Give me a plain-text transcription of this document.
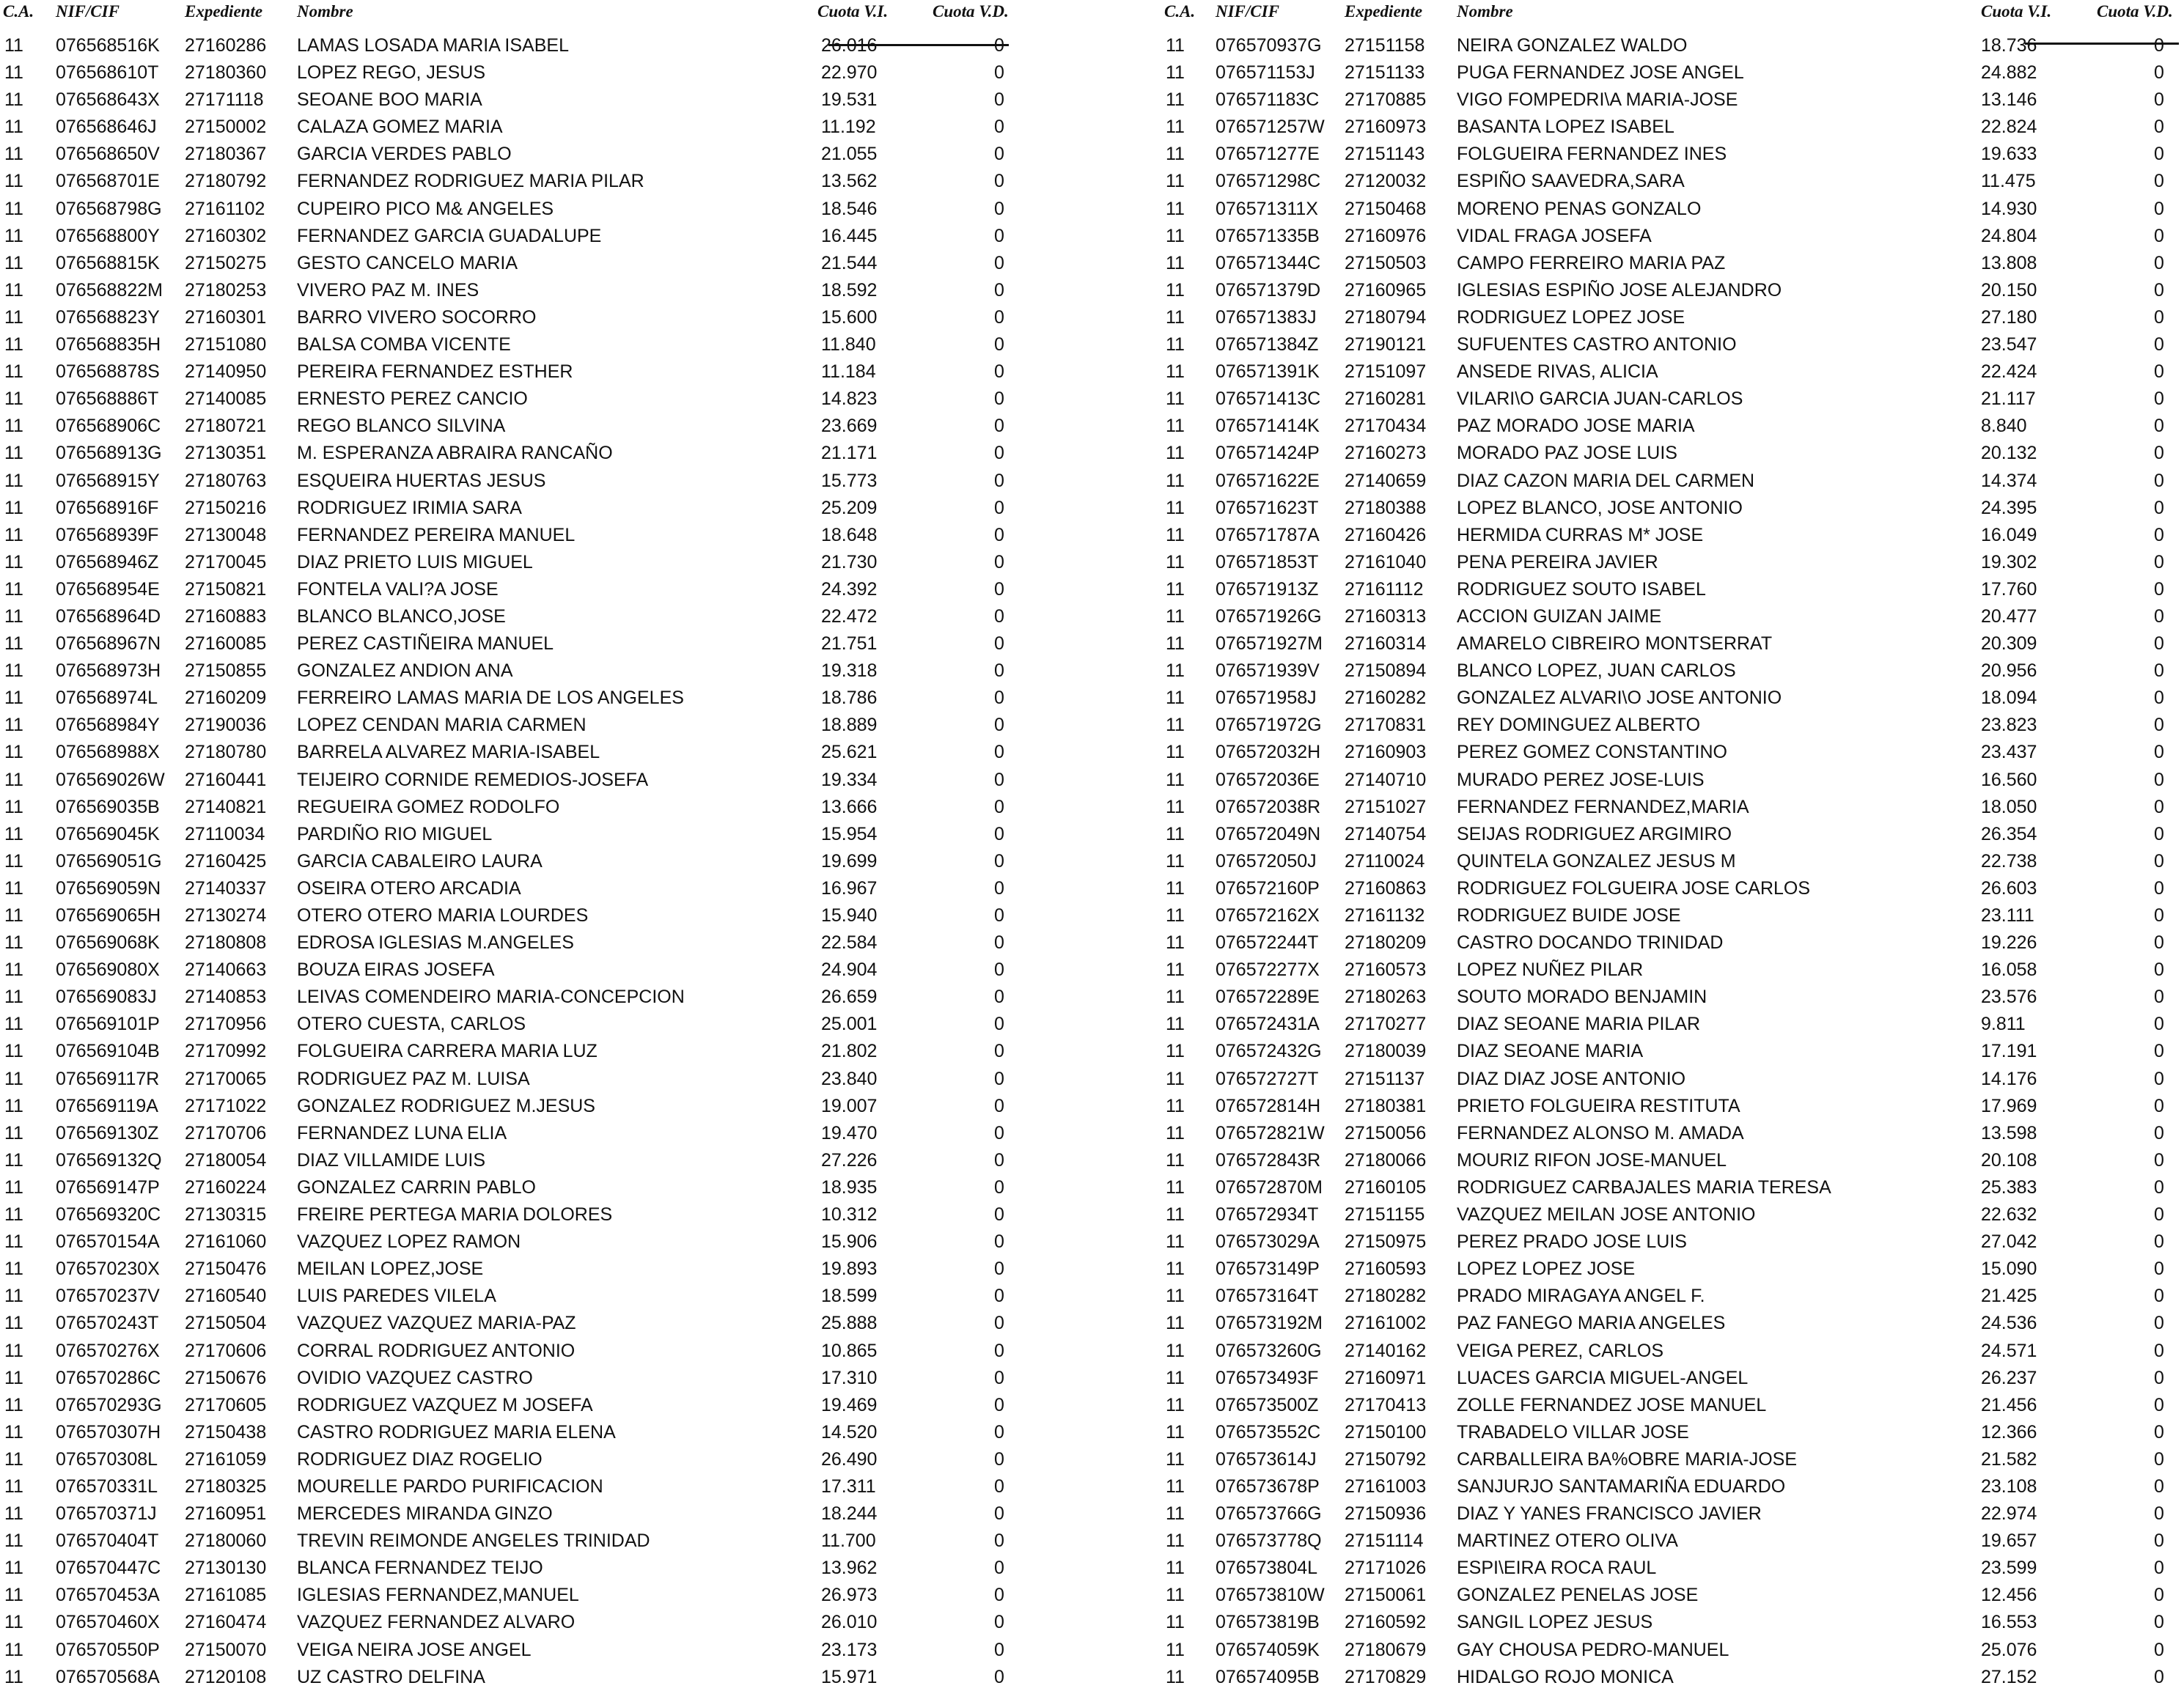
C.A. NIF/CIF	Expediente Nombre	Cuota V.I.	Cuota V.D.
11 076568516K 27160286 LAMAS LOSADA MARIA ISABEL	26.016	0
11 076568610T 27180360 LOPEZ REGO, JESUS	22.970	0
11 076568643X 27171118 SEOANE BOO MARIA	19.531	0
11 076568646J 27150002 CALAZA GOMEZ MARIA	11.192	0
11 076568650V 27180367 GARCIA VERDES PABLO	21.055	0
11 076568701E 27180792 FERNANDEZ RODRIGUEZ MARIA PILAR	13.562	0
11 076568798G 27161102 CUPEIRO PICO M& ANGELES	18.546	0
11 076568800Y 27160302 FERNANDEZ GARCIA GUADALUPE	16.445	0
11 076568815K 27150275 GESTO CANCELO MARIA	21.544	0
11 076568822M 27180253 VIVERO PAZ M. INES	18.592	0
11 076568823Y 27160301 BARRO VIVERO SOCORRO	15.600	0
11 076568835H 27151080 BALSA COMBA VICENTE	11.840	0
11 076568878S 27140950 PEREIRA FERNANDEZ ESTHER	11.184	0
11 076568886T 27140085 ERNESTO PEREZ CANCIO	14.823	0
11 076568906C 27180721 REGO BLANCO SILVINA	23.669	0
11 076568913G 27130351 M. ESPERANZA ABRAIRA RANCAÑO	21.171	0
11 076568915Y 27180763 ESQUEIRA HUERTAS JESUS	15.773	0
11 076568916F 27150216 RODRIGUEZ IRIMIA SARA	25.209	0
11 076568939F 27130048 FERNANDEZ PEREIRA MANUEL	18.648	0
11 076568946Z 27170045 DIAZ PRIETO LUIS MIGUEL	21.730	0
11 076568954E 27150821 FONTELA VALI?A JOSE	24.392	0
11 076568964D 27160883 BLANCO BLANCO,JOSE	22.472	0
11 076568967N 27160085 PEREZ CASTIÑEIRA MANUEL	21.751	0
11 076568973H 27150855 GONZALEZ ANDION ANA	19.318	0
11 076568974L 27160209 FERREIRO LAMAS MARIA DE LOS ANGELES	18.786	0
11 076568984Y 27190036 LOPEZ CENDAN MARIA CARMEN	18.889	0
11 076568988X 27180780 BARRELA ALVAREZ MARIA-ISABEL	25.621	0
11 076569026W 27160441 TEIJEIRO CORNIDE REMEDIOS-JOSEFA	19.334	0
11 076569035B 27140821 REGUEIRA GOMEZ RODOLFO	13.666	0
11 076569045K 27110034 PARDIÑO RIO MIGUEL	15.954	0
11 076569051G 27160425 GARCIA CABALEIRO LAURA	19.699	0
11 076569059N 27140337 OSEIRA OTERO ARCADIA	16.967	0
11 076569065H 27130274 OTERO OTERO MARIA LOURDES	15.940	0
11 076569068K 27180808 EDROSA IGLESIAS M.ANGELES	22.584	0
11 076569080X 27140663 BOUZA EIRAS JOSEFA	24.904	0
11 076569083J 27140853 LEIVAS COMENDEIRO MARIA-CONCEPCION	26.659	0
11 076569101P 27170956 OTERO CUESTA, CARLOS	25.001	0
11 076569104B 27170992 FOLGUEIRA CARRERA MARIA LUZ	21.802	0
11 076569117R 27170065 RODRIGUEZ PAZ M. LUISA	23.840	0
11 076569119A 27171022 GONZALEZ RODRIGUEZ M.JESUS	19.007	0
11 076569130Z 27170706 FERNANDEZ LUNA ELIA	19.470	0
11 076569132Q 27180054 DIAZ VILLAMIDE LUIS	27.226	0
11 076569147P 27160224 GONZALEZ CARRIN PABLO	18.935	0
11 076569320C 27130315 FREIRE PERTEGA MARIA DOLORES	10.312	0
11 076570154A 27161060 VAZQUEZ LOPEZ RAMON	15.906	0
11 076570230X 27150476 MEILAN LOPEZ,JOSE	19.893	0
11 076570237V 27160540 LUIS PAREDES VILELA	18.599	0
11 076570243T 27150504 VAZQUEZ VAZQUEZ MARIA-PAZ	25.888	0
11 076570276X 27170606 CORRAL RODRIGUEZ ANTONIO	10.865	0
11 076570286C 27150676 OVIDIO VAZQUEZ CASTRO	17.310	0
11 076570293G 27170605 RODRIGUEZ VAZQUEZ M JOSEFA	19.469	0
11 076570307H 27150438 CASTRO RODRIGUEZ MARIA ELENA	14.520	0
11 076570308L 27161059 RODRIGUEZ DIAZ ROGELIO	26.490	0
11 076570331L 27180325 MOURELLE PARDO PURIFICACION	17.311	0
11 076570371J 27160951 MERCEDES MIRANDA GINZO	18.244	0
11 076570404T 27180060 TREVIN REIMONDE ANGELES TRINIDAD	11.700	0
11 076570447C 27130130 BLANCA FERNANDEZ TEIJO	13.962	0
11 076570453A 27161085 IGLESIAS FERNANDEZ,MANUEL	26.973	0
11 076570460X 27160474 VAZQUEZ FERNANDEZ ALVARO	26.010	0
11 076570550P 27150070 VEIGA NEIRA JOSE ANGEL	23.173	0
11 076570568A 27120108 UZ CASTRO DELFINA	15.971	0
C.A. NIF/CIF	Expediente Nombre	Cuota V.I.	Cuota V.D.
11 076570937G 27151158 NEIRA GONZALEZ WALDO	18.736	0
11 076571153J 27151133 PUGA FERNANDEZ JOSE ANGEL	24.882	0
11 076571183C 27170885 VIGO FOMPEDRI\A MARIA-JOSE	13.146	0
11 076571257W 27160973 BASANTA LOPEZ ISABEL	22.824	0
11 076571277E 27151143 FOLGUEIRA FERNANDEZ INES	19.633	0
11 076571298C 27120032 ESPIÑO SAAVEDRA,SARA	11.475	0
11 076571311X 27150468 MORENO PENAS GONZALO	14.930	0
11 076571335B 27160976 VIDAL FRAGA JOSEFA	24.804	0
11 076571344C 27150503 CAMPO FERREIRO MARIA PAZ	13.808	0
11 076571379D 27160965 IGLESIAS ESPIÑO JOSE ALEJANDRO	20.150	0
11 076571383J 27180794 RODRIGUEZ LOPEZ JOSE	27.180	0
11 076571384Z 27190121 SUFUENTES CASTRO ANTONIO	23.547	0
11 076571391K 27151097 ANSEDE RIVAS, ALICIA	22.424	0
11 076571413C 27160281 VILARI\O GARCIA JUAN-CARLOS	21.117	0
11 076571414K 27170434 PAZ MORADO JOSE MARIA	8.840	0
11 076571424P 27160273 MORADO PAZ JOSE LUIS	20.132	0
11 076571622E 27140659 DIAZ CAZON MARIA DEL CARMEN	14.374	0
11 076571623T 27180388 LOPEZ BLANCO, JOSE ANTONIO	24.395	0
11 076571787A 27160426 HERMIDA CURRAS M* JOSE	16.049	0
11 076571853T 27161040 PENA PEREIRA JAVIER	19.302	0
11 076571913Z 27161112 RODRIGUEZ SOUTO ISABEL	17.760	0
11 076571926G 27160313 ACCION GUIZAN JAIME	20.477	0
11 076571927M 27160314 AMARELO CIBREIRO MONTSERRAT	20.309	0
11 076571939V 27150894 BLANCO LOPEZ, JUAN CARLOS	20.956	0
11 076571958J 27160282 GONZALEZ ALVARI\O JOSE ANTONIO	18.094	0
11 076571972G 27170831 REY DOMINGUEZ ALBERTO	23.823	0
11 076572032H 27160903 PEREZ GOMEZ CONSTANTINO	23.437	0
11 076572036E 27140710 MURADO PEREZ JOSE-LUIS	16.560	0
11 076572038R 27151027 FERNANDEZ FERNANDEZ,MARIA	18.050	0
11 076572049N 27140754 SEIJAS RODRIGUEZ ARGIMIRO	26.354	0
11 076572050J 27110024 QUINTELA GONZALEZ JESUS M	22.738	0
11 076572160P 27160863 RODRIGUEZ FOLGUEIRA JOSE CARLOS	26.603	0
11 076572162X 27161132 RODRIGUEZ BUIDE JOSE	23.111	0
11 076572244T 27180209 CASTRO DOCANDO TRINIDAD	19.226	0
11 076572277X 27160573 LOPEZ NUÑEZ PILAR	16.058	0
11 076572289E 27180263 SOUTO MORADO BENJAMIN	23.576	0
11 076572431A 27170277 DIAZ SEOANE MARIA PILAR	9.811	0
11 076572432G 27180039 DIAZ SEOANE MARIA	17.191	0
11 076572727T 27151137 DIAZ DIAZ JOSE ANTONIO	14.176	0
11 076572814H 27180381 PRIETO FOLGUEIRA RESTITUTA	17.969	0
11 076572821W 27150056 FERNANDEZ ALONSO M. AMADA	13.598	0
11 076572843R 27180066 MOURIZ RIFON JOSE-MANUEL	20.108	0
11 076572870M 27160105 RODRIGUEZ CARBAJALES MARIA TERESA	25.383	0
11 076572934T 27151155 VAZQUEZ MEILAN JOSE ANTONIO	22.632	0
11 076573029A 27150975 PEREZ PRADO JOSE LUIS	27.042	0
11 076573149P 27160593 LOPEZ LOPEZ JOSE	15.090	0
11 076573164T 27180282 PRADO MIRAGAYA ANGEL F.	21.425	0
11 076573192M 27161002 PAZ FANEGO MARIA ANGELES	24.536	0
11 076573260G 27140162 VEIGA PEREZ, CARLOS	24.571	0
11 076573493F 27160971 LUACES GARCIA MIGUEL-ANGEL	26.237	0
11 076573500Z 27170413 ZOLLE FERNANDEZ JOSE MANUEL	21.456	0
11 076573552C 27150100 TRABADELO VILLAR JOSE	12.366	0
11 076573614J 27150792 CARBALLEIRA BA%OBRE MARIA-JOSE	21.582	0
11 076573678P 27161003 SANJURJO SANTAMARIÑA EDUARDO	23.108	0
11 076573766G 27150936 DIAZ Y YANES FRANCISCO JAVIER	22.974	0
11 076573778Q 27151114 MARTINEZ OTERO OLIVA	19.657	0
11 076573804L 27171026 ESPI\EIRA ROCA RAUL	23.599	0
11 076573810W 27150061 GONZALEZ PENELAS JOSE	12.456	0
11 076573819B 27160592 SANGIL LOPEZ JESUS	16.553	0
11 076574059K 27180679 GAY CHOUSA PEDRO-MANUEL	25.076	0
11 076574095B 27170829 HIDALGO ROJO MONICA	27.152	0
